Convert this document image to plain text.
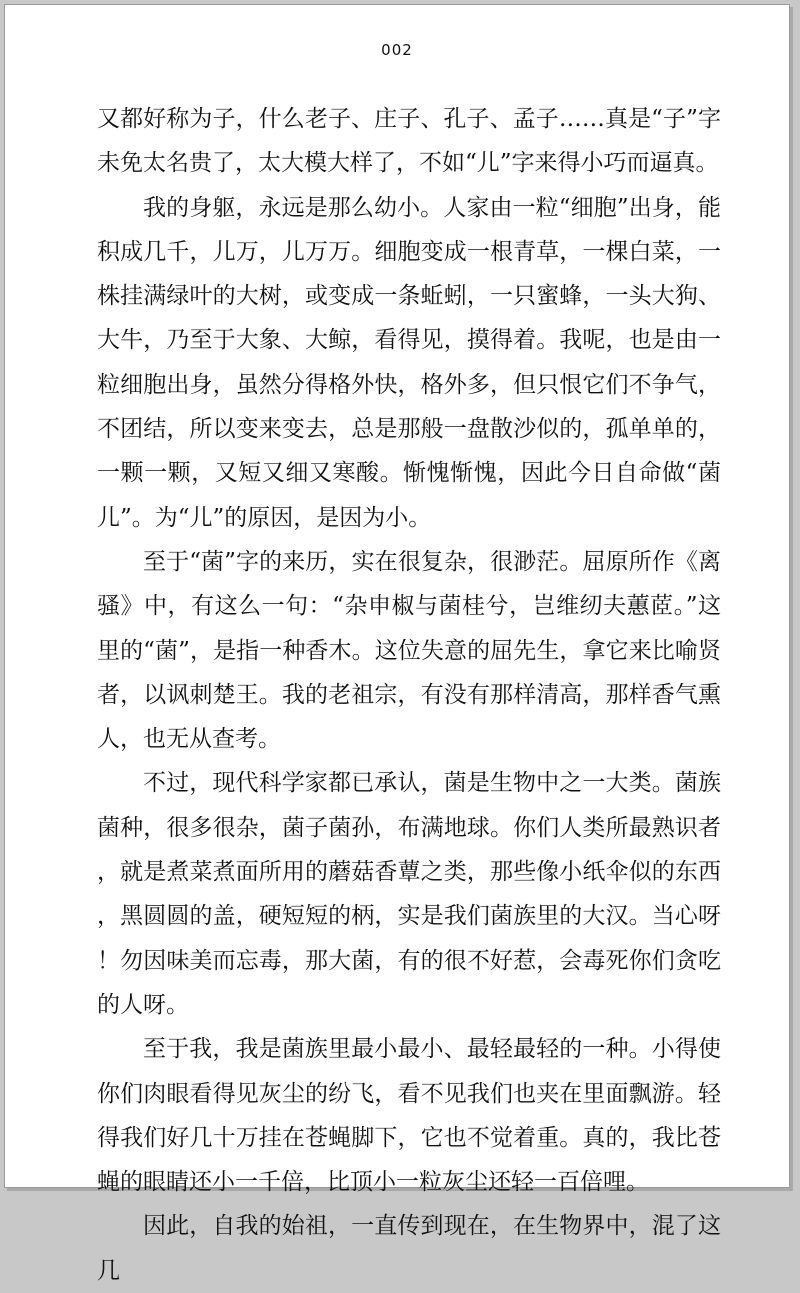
002

又都好称为子，什么老子、庄子、孔子、孟子……真是“子”字未免太名贵了，太大模大样了，不如“儿”字来得小巧而逼真。

我的身躯，永远是那么幼小。人家由一粒“细胞”出身，能积成几千，儿万，儿万万。细胞变成一根青草，一棵白菜，一株挂满绿叶的大树，或变成一条蚯蚓，一只蜜蜂，一头大狗、大牛，乃至于大象、大鲸，看得见，摸得着。我呢，也是由一粒细胞出身，虽然分得格外快，格外多，但只恨它们不争气，不团结，所以变来变去，总是那般一盘散沙似的，孤单单的，一颗一颗，又短又细又寒酸。惭愧惭愧，因此今日自命做“菌儿”。为“儿”的原因，是因为小。

至于“菌”字的来历，实在很复杂，很渺茫。屈原所作《离骚》中，有这么一句：“杂申椒与菌桂兮，岂维纫夫蕙茝。”这里的“菌”，是指一种香木。这位失意的屈先生，拿它来比喻贤者，以讽刺楚王。我的老祖宗，有没有那样清高，那样香气熏人，也无从查考。

不过，现代科学家都已承认，菌是生物中之一大类。菌族菌种，很多很杂，菌子菌孙，布满地球。你们人类所最熟识者，就是煮菜煮面所用的蘑菇香蕈之类，那些像小纸伞似的东西，黑圆圆的盖，硬短短的柄，实是我们菌族里的大汉。当心呀！勿因味美而忘毒，那大菌，有的很不好惹，会毒死你们贪吃的人呀。

至于我，我是菌族里最小最小、最轻最轻的一种。小得使你们肉眼看得见灰尘的纷飞，看不见我们也夹在里面飘游。轻得我们好几十万挂在苍蝇脚下，它也不觉着重。真的，我比苍蝇的眼睛还小一千倍，比顶小一粒灰尘还轻一百倍哩。

因此，自我的始祖，一直传到现在，在生物界中，混了这几
